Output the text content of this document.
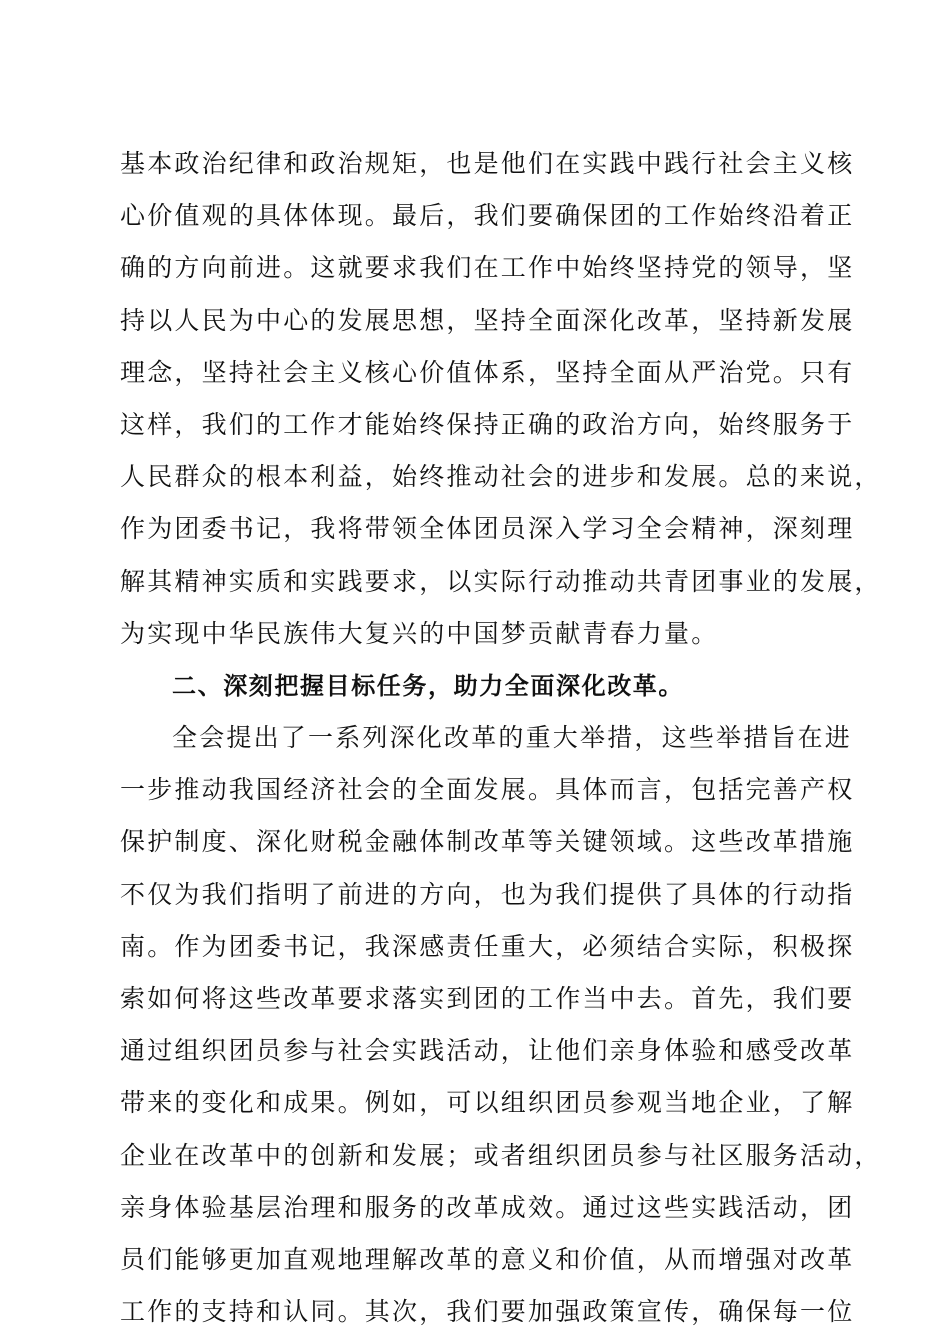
基本政治纪律和政治规矩，也是他们在实践中践行社会主义核
心价值观的具体体现。最后，我们要确保团的工作始终沿着正
确的方向前进。这就要求我们在工作中始终坚持党的领导，坚
持以人民为中心的发展思想，坚持全面深化改革，坚持新发展
理念，坚持社会主义核心价值体系，坚持全面从严治党。只有
这样，我们的工作才能始终保持正确的政治方向，始终服务于
人民群众的根本利益，始终推动社会的进步和发展。总的来说，
作为团委书记，我将带领全体团员深入学习全会精神，深刻理
解其精神实质和实践要求，以实际行动推动共青团事业的发展，
为实现中华民族伟大复兴的中国梦贡献青春力量。
二、深刻把握目标任务，助力全面深化改革。
全会提出了一系列深化改革的重大举措，这些举措旨在进
一步推动我国经济社会的全面发展。具体而言，包括完善产权
保护制度、深化财税金融体制改革等关键领域。这些改革措施
不仅为我们指明了前进的方向，也为我们提供了具体的行动指
南。作为团委书记，我深感责任重大，必须结合实际，积极探
索如何将这些改革要求落实到团的工作当中去。首先，我们要
通过组织团员参与社会实践活动，让他们亲身体验和感受改革
带来的变化和成果。例如，可以组织团员参观当地企业，了解
企业在改革中的创新和发展；或者组织团员参与社区服务活动，
亲身体验基层治理和服务的改革成效。通过这些实践活动，团
员们能够更加直观地理解改革的意义和价值，从而增强对改革
工作的支持和认同。其次，我们要加强政策宣传，确保每一位
